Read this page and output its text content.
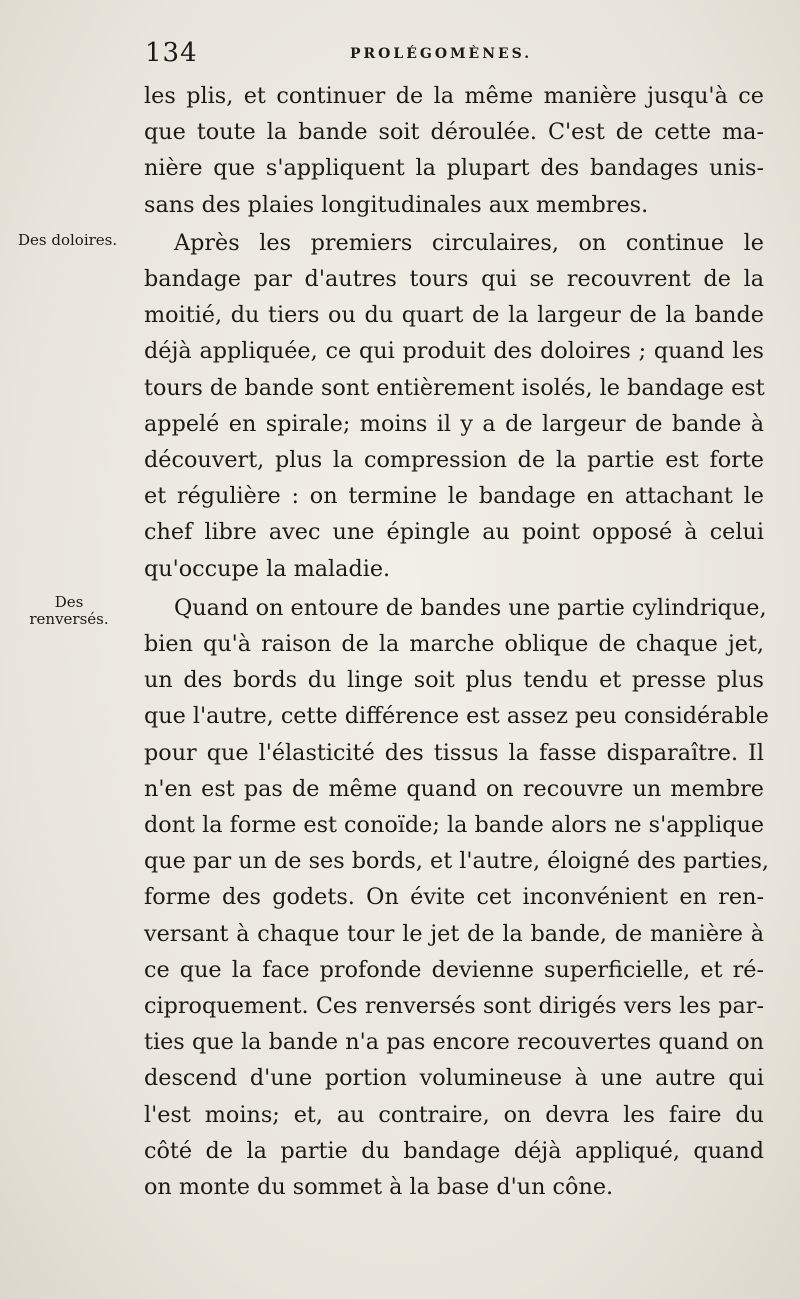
134	PROLÉGOMÈNES.
Des doloires.
Des
renversés.
les plis, et continuer de la même manière jusqu'à ce
que toute la bande soit déroulée. C'est de cette ma-
nière que s'appliquent la plupart des bandages unis-
sans des plaies longitudinales aux membres.
Après les premiers circulaires, on continue le
bandage par d'autres tours qui se recouvrent de la
moitié, du tiers ou du quart de la largeur de la bande
déjà appliquée, ce qui produit des doloires ; quand les
tours de bande sont entièrement isolés, le bandage est
appelé en spirale; moins il y a de largeur de bande à
découvert, plus la compression de la partie est forte
et régulière : on termine le bandage en attachant le
chef libre avec une épingle au point opposé à celui
qu'occupe la maladie.
Quand on entoure de bandes une partie cylindrique,
bien qu'à raison de la marche oblique de chaque jet,
un des bords du linge soit plus tendu et presse plus
que l'autre, cette différence est assez peu considérable
pour que l'élasticité des tissus la fasse disparaître. Il
n'en est pas de même quand on recouvre un membre
dont la forme est conoïde; la bande alors ne s'applique
que par un de ses bords, et l'autre, éloigné des parties,
forme des godets. On évite cet inconvénient en ren-
versant à chaque tour le jet de la bande, de manière à
ce que la face profonde devienne superficielle, et ré-
ciproquement. Ces renversés sont dirigés vers les par-
ties que la bande n'a pas encore recouvertes quand on
descend d'une portion volumineuse à une autre qui
l'est moins; et, au contraire, on devra les faire du
côté de la partie du bandage déjà appliqué, quand
on monte du sommet à la base d'un cône.
